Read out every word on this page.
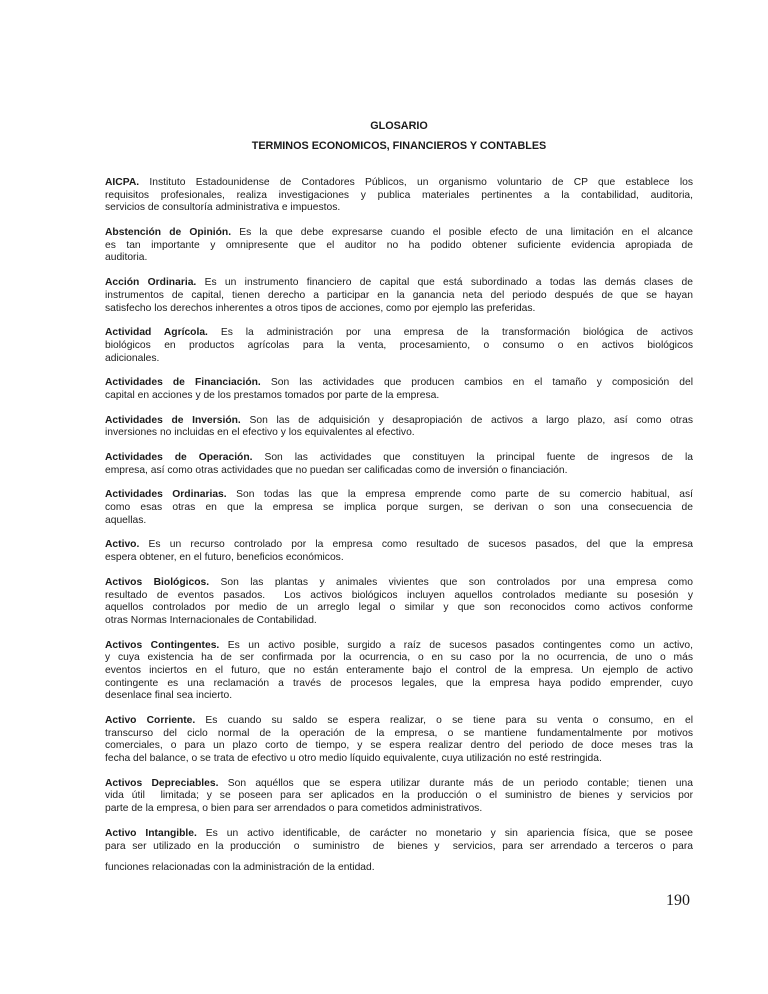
GLOSARIO
TERMINOS ECONOMICOS, FINANCIEROS Y CONTABLES
AICPA. Instituto Estadounidense de Contadores Públicos, un organismo voluntario de CP que establece los
requisitos profesionales, realiza investigaciones y publica materiales pertinentes a la contabilidad, auditoria,
servicios de consultoría administrativa e impuestos.
Abstención de Opinión. Es la que debe expresarse cuando el posible efecto de una limitación en el alcance
es tan importante y omnipresente que el auditor no ha podido obtener suficiente evidencia apropiada de
auditoria.
Acción Ordinaria. Es un instrumento financiero de capital que está subordinado a todas las demás clases de
instrumentos de capital, tienen derecho a participar en la ganancia neta del periodo después de que se hayan
satisfecho los derechos inherentes a otros tipos de acciones, como por ejemplo las preferidas.
Actividad Agrícola. Es la administración por una empresa de la transformación biológica de activos
biológicos en productos agrícolas para la venta, procesamiento, o consumo o en activos biológicos
adicionales.
Actividades de Financiación. Son las actividades que producen cambios en el tamaño y composición del
capital en acciones y de los prestamos tomados por parte de la empresa.
Actividades de Inversión. Son las de adquisición y desapropiación de activos a largo plazo, así como otras
inversiones no incluidas en el efectivo y los equivalentes al efectivo.
Actividades de Operación. Son las actividades que constituyen la principal fuente de ingresos de la
empresa, así como otras actividades que no puedan ser calificadas como de inversión o financiación.
Actividades Ordinarias. Son todas las que la empresa emprende como parte de su comercio habitual, así
como esas otras en que la empresa se implica porque surgen, se derivan o son una consecuencia de
aquellas.
Activo. Es un recurso controlado por la empresa como resultado de sucesos pasados, del que la empresa
espera obtener, en el futuro, beneficios económicos.
Activos Biológicos. Son las plantas y animales vivientes que son controlados por una empresa como
resultado de eventos pasados.  Los activos biológicos incluyen aquellos controlados mediante su posesión y
aquellos controlados por medio de un arreglo legal o similar y que son reconocidos como activos conforme
otras Normas Internacionales de Contabilidad.
Activos Contingentes. Es un activo posible, surgido a raíz de sucesos pasados contingentes como un activo,
y cuya existencia ha de ser confirmada por la ocurrencia, o en su caso por la no ocurrencia, de uno o más
eventos inciertos en el futuro, que no están enteramente bajo el control de la empresa. Un ejemplo de activo
contingente es una reclamación a través de procesos legales, que la empresa haya podido emprender, cuyo
desenlace final sea incierto.
Activo Corriente. Es cuando su saldo se espera realizar, o se tiene para su venta o consumo, en el
transcurso del ciclo normal de la operación de la empresa, o se mantiene fundamentalmente por motivos
comerciales, o para un plazo corto de tiempo, y se espera realizar dentro del periodo de doce meses tras la
fecha del balance, o se trata de efectivo u otro medio líquido equivalente, cuya utilización no esté restringida.
Activos Depreciables. Son aquéllos que se espera utilizar durante más de un periodo contable; tienen una
vida útil  limitada; y se poseen para ser aplicados en la producción o el suministro de bienes y servicios por
parte de la empresa, o bien para ser arrendados o para cometidos administrativos.
Activo Intangible. Es un activo identificable, de carácter no monetario y sin apariencia física, que se posee
para ser utilizado en la producción  o  suministro  de  bienes y  servicios, para ser arrendado a terceros o para
funciones relacionadas con la administración de la entidad.
190
